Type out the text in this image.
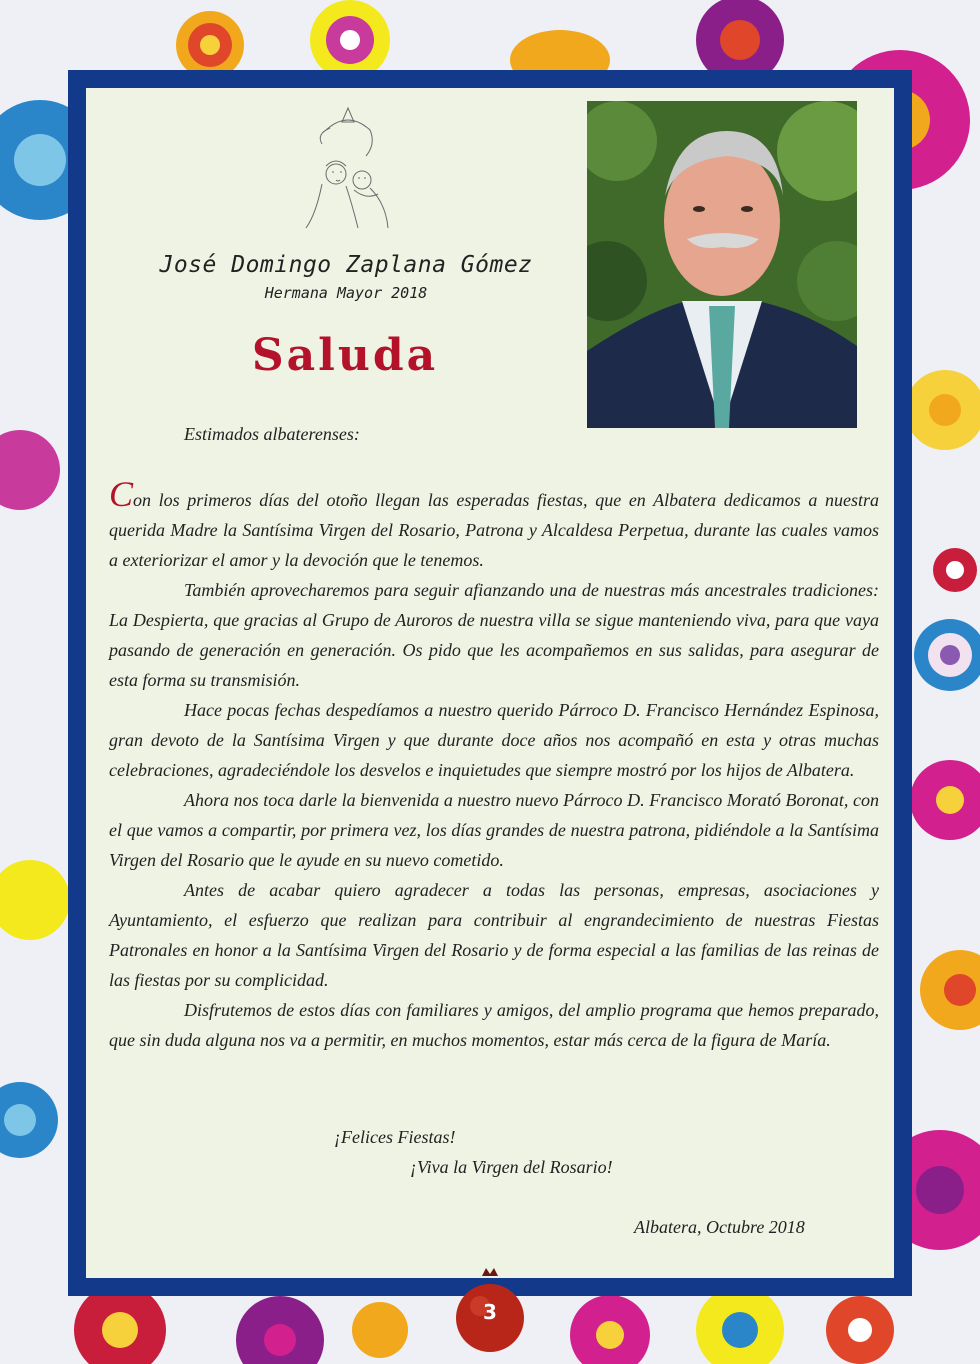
José Domingo Zaplana Gómez

Hermana Mayor 2018

Saluda

Estimados albaterenses:

Con los primeros días del otoño llegan las esperadas fiestas, que en Albatera dedicamos a nuestra querida Madre la Santísima Virgen del Rosario, Patrona y Alcaldesa Perpetua, durante las cuales vamos a exteriorizar el amor y la devoción que le tenemos.

También aprovecharemos para seguir afianzando una de nuestras más ancestrales tradiciones: La Despierta, que gracias al Grupo de Auroros de nuestra villa se sigue manteniendo viva, para que vaya pasando de generación en generación. Os pido que les acompañemos en sus salidas, para asegurar de esta forma su transmisión.

Hace pocas fechas despedíamos a nuestro querido Párroco D. Francisco Hernández Espinosa, gran devoto de la Santísima Virgen y que durante doce años nos acompañó en esta y otras muchas celebraciones, agradeciéndole los desvelos e inquietudes que siempre mostró por los hijos de Albatera.

Ahora nos toca darle la bienvenida a nuestro nuevo Párroco D. Francisco Morató Boronat, con el que vamos a compartir, por primera vez, los días grandes de nuestra patrona, pidiéndole a la Santísima Virgen del Rosario que le ayude en su nuevo cometido.

Antes de acabar quiero agradecer a todas las personas, empresas, asociaciones y Ayuntamiento, el esfuerzo que realizan para contribuir al engrandecimiento de nuestras Fiestas Patronales en honor a la Santísima Virgen del Rosario y de forma especial a las familias de las reinas de las fiestas por su complicidad.

Disfrutemos de estos días con familiares y amigos, del amplio programa que hemos preparado, que sin duda alguna nos va a permitir, en muchos momentos, estar más cerca de la figura de María.

¡Felices Fiestas!

¡Viva la Virgen del Rosario!

Albatera, Octubre 2018

3
